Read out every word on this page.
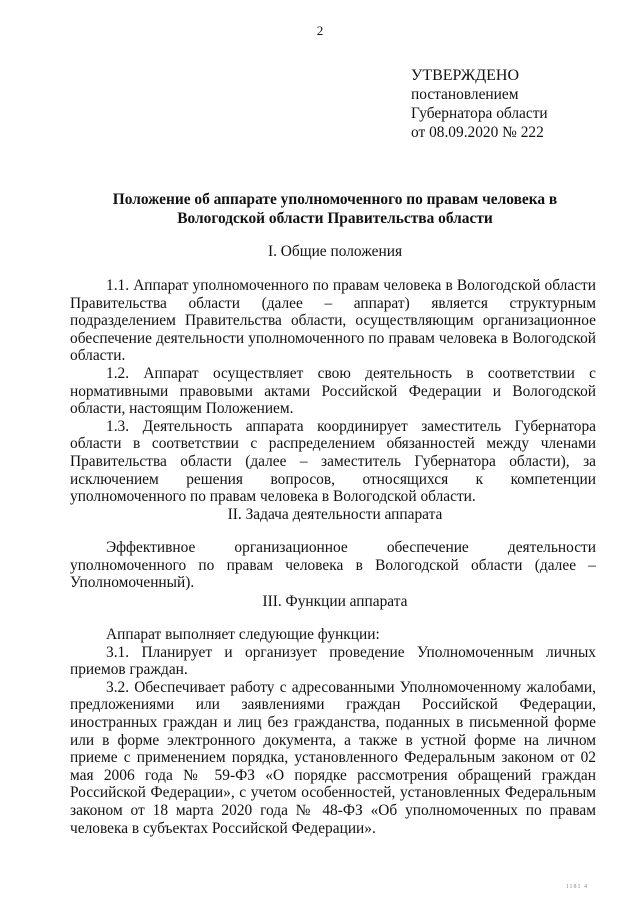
2
УТВЕРЖДЕНО
постановлением
Губернатора области
от 08.09.2020 № 222
Положение об аппарате уполномоченного по правам человека в
Вологодской области Правительства области
I. Общие положения

1.1. Аппарат уполномоченного по правам человека в Вологодской области Правительства области (далее – аппарат) является структурным подразделением Правительства области, осуществляющим организационное обеспечение деятельности уполномоченного по правам человека в Вологодской области.

1.2. Аппарат осуществляет свою деятельность в соответствии с нормативными правовыми актами Российской Федерации и Вологодской области, настоящим Положением.

1.3. Деятельность аппарата координирует заместитель Губернатора области в соответствии с распределением обязанностей между членами Правительства области (далее – заместитель Губернатора области), за исключением решения вопросов, относящихся к компетенции уполномоченного по правам человека в Вологодской области.

II. Задача деятельности аппарата

Эффективное организационное обеспечение деятельности уполномоченного по правам человека в Вологодской области (далее – Уполномоченный).

III. Функции аппарата

Аппарат выполняет следующие функции:

3.1. Планирует и организует проведение Уполномоченным личных приемов граждан.

3.2. Обеспечивает работу с адресованными Уполномоченному жалобами, предложениями или заявлениями граждан Российской Федерации, иностранных граждан и лиц без гражданства, поданных в письменной форме или в форме электронного документа, а также в устной форме на личном приеме с применением порядка, установленного Федеральным законом от 02 мая 2006 года № 59-ФЗ «О порядке рассмотрения обращений граждан Российской Федерации», с учетом особенностей, установленных Федеральным законом от 18 марта 2020 года № 48-ФЗ «Об уполномоченных по правам человека в субъектах Российской Федерации».

1181 4
